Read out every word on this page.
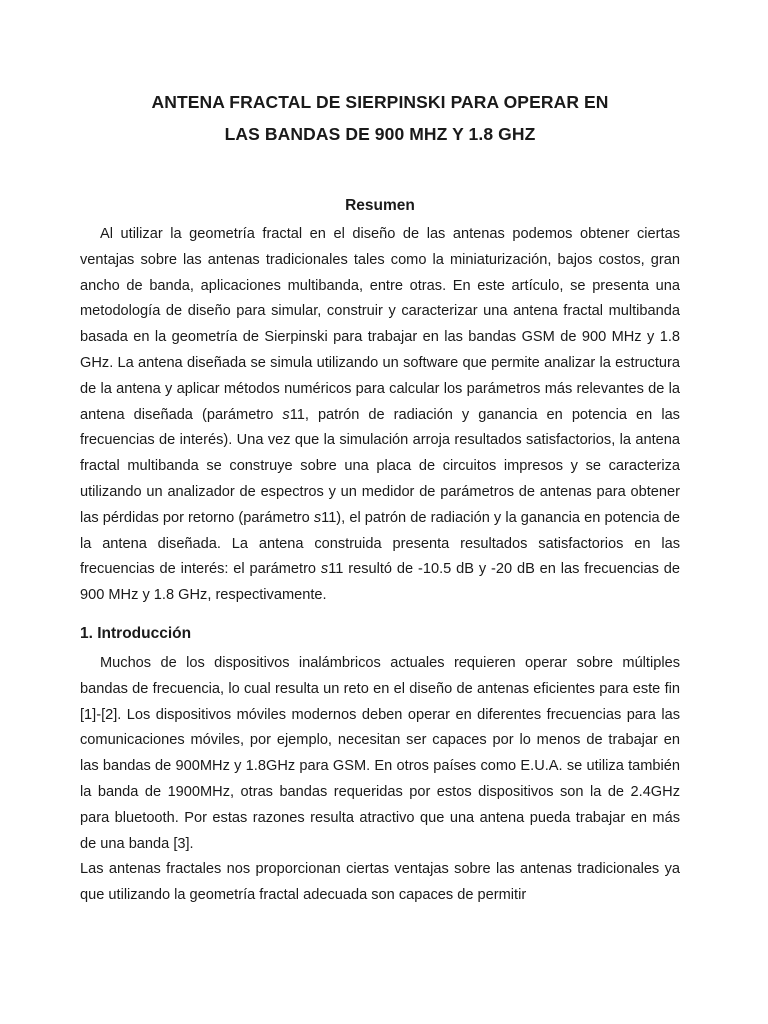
ANTENA FRACTAL DE SIERPINSKI PARA OPERAR EN
LAS BANDAS DE 900 MHZ Y 1.8 GHZ
Resumen

Al utilizar la geometría fractal en el diseño de las antenas podemos obtener ciertas ventajas sobre las antenas tradicionales tales como la miniaturización, bajos costos, gran ancho de banda, aplicaciones multibanda, entre otras. En este artículo, se presenta una metodología de diseño para simular, construir y caracterizar una antena fractal multibanda basada en la geometría de Sierpinski para trabajar en las bandas GSM de 900 MHz y 1.8 GHz. La antena diseñada se simula utilizando un software que permite analizar la estructura de la antena y aplicar métodos numéricos para calcular los parámetros más relevantes de la antena diseñada (parámetro s11, patrón de radiación y ganancia en potencia en las frecuencias de interés). Una vez que la simulación arroja resultados satisfactorios, la antena fractal multibanda se construye sobre una placa de circuitos impresos y se caracteriza utilizando un analizador de espectros y un medidor de parámetros de antenas para obtener las pérdidas por retorno (parámetro s11), el patrón de radiación y la ganancia en potencia de la antena diseñada. La antena construida presenta resultados satisfactorios en las frecuencias de interés: el parámetro s11 resultó de -10.5 dB y -20 dB en las frecuencias de 900 MHz y 1.8 GHz, respectivamente.

1. Introducción

Muchos de los dispositivos inalámbricos actuales requieren operar sobre múltiples bandas de frecuencia, lo cual resulta un reto en el diseño de antenas eficientes para este fin [1]-[2]. Los dispositivos móviles modernos deben operar en diferentes frecuencias para las comunicaciones móviles, por ejemplo, necesitan ser capaces por lo menos de trabajar en las bandas de 900MHz y 1.8GHz para GSM. En otros países como E.U.A. se utiliza también la banda de 1900MHz, otras bandas requeridas por estos dispositivos son la de 2.4GHz para bluetooth. Por estas razones resulta atractivo que una antena pueda trabajar en más de una banda [3].

Las antenas fractales nos proporcionan ciertas ventajas sobre las antenas tradicionales ya que utilizando la geometría fractal adecuada son capaces de permitir
